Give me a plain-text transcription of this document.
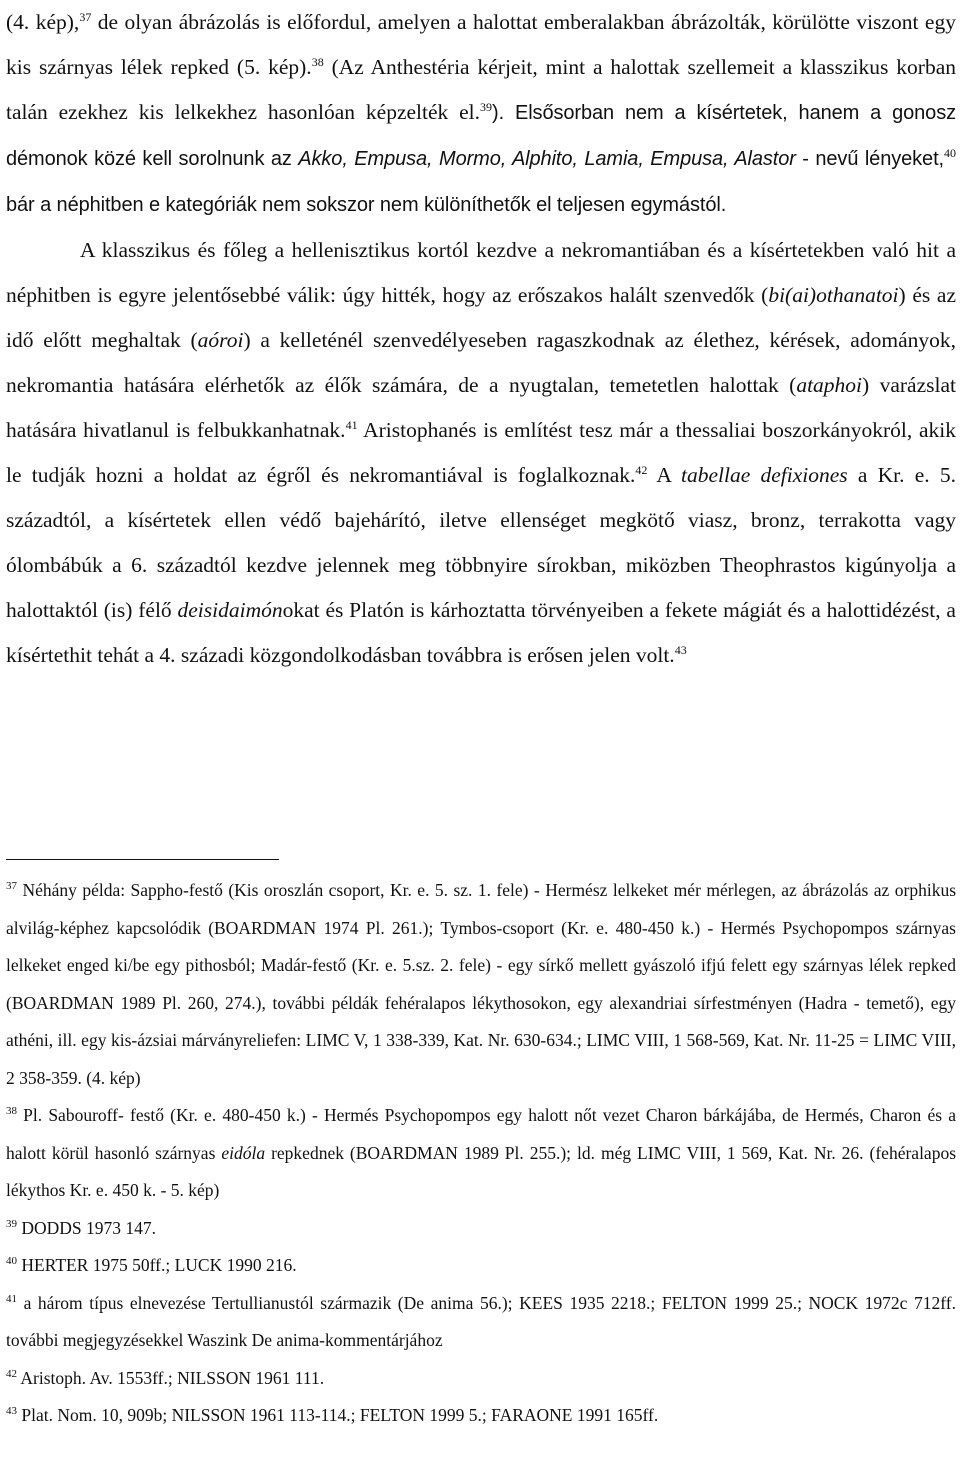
(4. kép),$^{37}$ de olyan ábrázolás is előfordul, amelyen a halottat emberalakban ábrázolták, körülötte viszont egy kis szárnyas lélek repked (5. kép).$^{38}$ (Az Anthestéria kérjeit, mint a halottak szellemeit a klasszikus korban talán ezekhez kis lelkekhez hasonlóan képzelték el.$^{39}$). Elsősorban nem a kísértetek, hanem a gonosz démonok közé kell sorolnunk az Akko, Empusa, Mormo, Alphito, Lamia, Empusa, Alastor - nevű lényeket,$^{40}$ bár a néphitben e kategóriák nem sokszor nem különíthetők el teljesen egymástól.
A klasszikus és főleg a hellenisztikus kortól kezdve a nekromantiában és a kísértetekben való hit a néphitben is egyre jelentősebbé válik: úgy hitték, hogy az erőszakos halált szenvedők (bi(ai)othanatoi) és az idő előtt meghaltak (aóroi) a kelleténél szenvedélyeseben ragaszkodnak az élethez, kérések, adományok, nekromantia hatására elérhetők az élők számára, de a nyugtalan, temetetlen halottak (ataphoi) varázslat hatására hivatlanul is felbukkanhatnak.$^{41}$ Aristophanés is említést tesz már a thessaliai boszorkányokról, akik le tudják hozni a holdat az égről és nekromantiával is foglalkoznak.$^{42}$ A tabellae defixiones a Kr. e. 5. századtól, a kísértetek ellen védő bajehárító, iletve ellenséget megkötő viasz, bronz, terrakotta vagy ólombábúk a 6. századtól kezdve jelennek meg többnyire sírokban, miközben Theophrastos kigúnyolja a halottaktól (is) félő deisidaimónokat és Platón is kárhoztatta törvényeiben a fekete mágiát és a halottidézést, a kísértethit tehát a 4. századi közgondolkodásban továbbra is erősen jelen volt.$^{43}$

$^{37}$ Néhány példa: Sappho-festő (Kis oroszlán csoport, Kr. e. 5. sz. 1. fele) - Hermész lelkeket mér mérlegen, az ábrázolás az orphikus alvilág-képhez kapcsolódik (BOARDMAN 1974 Pl. 261.); Tymbos-csoport (Kr. e. 480-450 k.) - Hermés Psychopompos szárnyas lelkeket enged ki/be egy pithosból; Madár-festő (Kr. e. 5.sz. 2. fele) - egy sírkő mellett gyászoló ifjú felett egy szárnyas lélek repked (BOARDMAN 1989 Pl. 260, 274.), további példák fehéralapos lékythosokon, egy alexandriai sírfestményen (Hadra - temető), egy athéni, ill. egy kis-ázsiai márványreliefen: LIMC V, 1 338-339, Kat. Nr. 630-634.; LIMC VIII, 1 568-569, Kat. Nr. 11-25 = LIMC VIII, 2 358-359. (4. kép)

$^{38}$ Pl. Sabouroff- festő (Kr. e. 480-450 k.) - Hermés Psychopompos egy halott nőt vezet Charon bárkájába, de Hermés, Charon és a halott körül hasonló szárnyas eidóla repkednek (BOARDMAN 1989 Pl. 255.); ld. még LIMC VIII, 1 569, Kat. Nr. 26. (fehéralapos lékythos Kr. e. 450 k. - 5. kép)

$^{39}$ DODDS 1973 147.

$^{40}$ HERTER 1975 50ff.; LUCK 1990 216.

$^{41}$ a három típus elnevezése Tertullianustól származik (De anima 56.); KEES 1935 2218.; FELTON 1999 25.; NOCK 1972c 712ff. további megjegyzésekkel Waszink De anima-kommentárjához

$^{42}$ Aristoph. Av. 1553ff.; NILSSON 1961 111.

$^{43}$ Plat. Nom. 10, 909b; NILSSON 1961 113-114.; FELTON 1999 5.; FARAONE 1991 165ff.
